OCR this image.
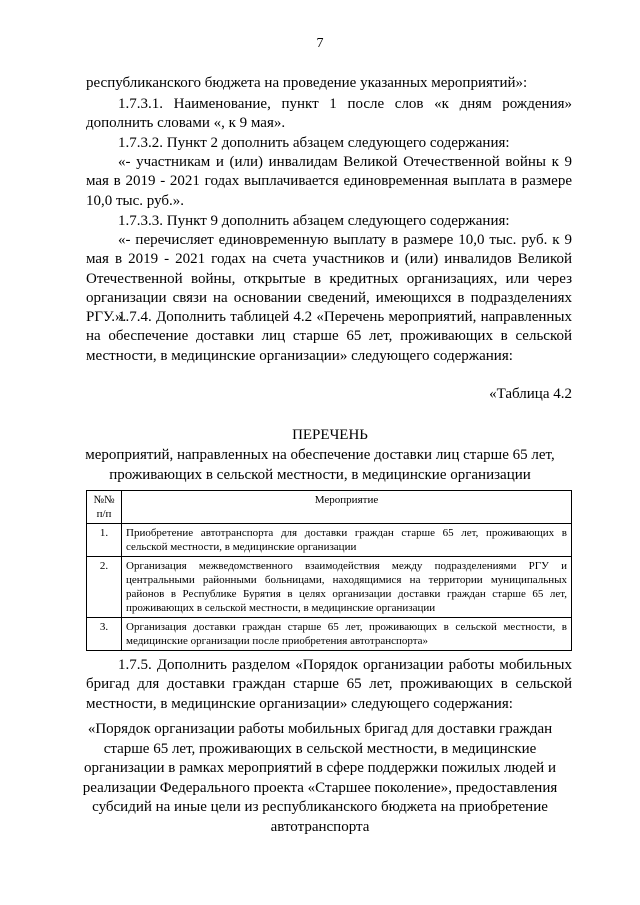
7
республиканского бюджета на проведение указанных мероприятий»:
1.7.3.1. Наименование, пункт 1 после слов «к дням рождения» дополнить словами «, к 9 мая».
1.7.3.2. Пункт 2 дополнить абзацем следующего содержания:
«- участникам и (или) инвалидам Великой Отечественной войны к 9 мая в 2019 - 2021 годах выплачивается единовременная выплата в размере 10,0 тыс. руб.».
1.7.3.3. Пункт 9 дополнить абзацем следующего содержания:
«- перечисляет единовременную выплату в размере 10,0 тыс. руб. к 9 мая в 2019 - 2021 годах на счета участников и (или) инвалидов Великой Отечественной войны, открытые в кредитных организациях, или через организации связи на основании сведений, имеющихся в подразделениях РГУ.».
1.7.4. Дополнить таблицей 4.2 «Перечень мероприятий, направленных на обеспечение доставки лиц старше 65 лет, проживающих в сельской местности, в медицинские организации» следующего содержания:
«Таблица 4.2
ПЕРЕЧЕНЬ
мероприятий, направленных на обеспечение доставки лиц старше 65 лет, проживающих в сельской местности, в медицинские организации
№№ п/п	Мероприятие
1.	Приобретение автотранспорта для доставки граждан старше 65 лет, проживающих в сельской местности, в медицинские организации
2.	Организация межведомственного взаимодействия между подразделениями РГУ и центральными районными больницами, находящимися на территории муниципальных районов в Республике Бурятия в целях организации доставки граждан старше 65 лет, проживающих в сельской местности, в медицинские организации
3.	Организация доставки граждан старше 65 лет, проживающих в сельской местности, в медицинские организации после приобретения автотранспорта»
1.7.5. Дополнить разделом «Порядок организации работы мобильных бригад для доставки граждан старше 65 лет, проживающих в сельской местности, в медицинские организации» следующего содержания:
«Порядок организации работы мобильных бригад для доставки граждан старше 65 лет, проживающих в сельской местности, в медицинские организации в рамках мероприятий в сфере поддержки пожилых людей и реализации Федерального проекта «Старшее поколение», предоставления субсидий на иные цели из республиканского бюджета на приобретение автотранспорта
